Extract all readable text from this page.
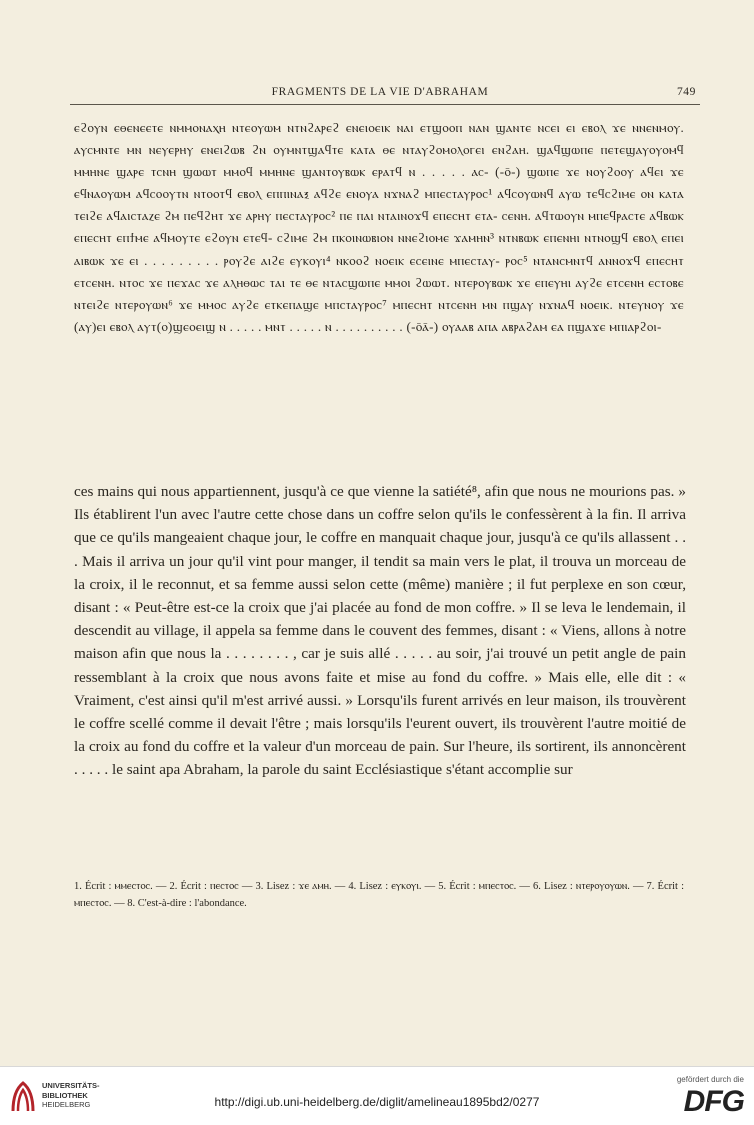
FRAGMENTS DE LA VIE D'ABRAHAM	749

ⲉϩⲟⲩⲛ ⲉⲑⲉⲛⲉⲉⲧⲉ ⲛⲙⲙⲟⲛⲁⲭⲏ ⲛⲧⲉⲟⲩⲱⲙ ⲛⲧⲛϩⲁⲣⲉϩ ⲉⲛⲉⲓⲟⲉⲓⲕ ⲛⲁⲓ ⲉⲧϣⲟⲟⲡ ⲛⲁⲛ ϣⲁⲛⲧⲉ ⲛⲥⲉⲓ ⲉⲓ ⲉⲃⲟⲗ ϫⲉ ⲛⲛⲉⲛⲙⲟⲩ. ⲁⲩⲥⲙⲛⲧⲉ ⲙⲛ ⲛⲉⲩⲉⲣⲏⲩ ⲉⲛⲉⲓϩⲱⲃ ϩⲛ ⲟⲩⲙⲛⲧϣⲁϥⲧⲉ ⲕⲁⲧⲁ ⲑⲉ ⲛⲧⲁⲩϩⲟⲙⲟⲗⲟⲅⲉⲓ ⲉⲛϩⲁⲏ. ϣⲁϥϣⲱⲡⲉ ⲡⲉⲧⲉϣⲁⲩⲟⲩⲟⲙϥ ⲙⲙⲏⲛⲉ ϣⲁⲣⲉ ⲧⲥⲛⲏ ϣⲱⲱⲧ ⲙⲙⲟϥ ⲙⲙⲏⲛⲉ ϣⲁⲛⲧⲟⲩⲃⲱⲕ ⲉⲣⲁⲧϥ ⲛ . . . . . ⲁⲥ- (-ⲟ̄-) ϣⲱⲡⲉ ϫⲉ ⲛⲟⲩϩⲟⲟⲩ ⲁϥⲉⲓ ϫⲉ ⲉϥⲛⲁⲟⲩⲱⲙ ⲁϥⲥⲟⲟⲩⲧⲛ ⲛⲧⲟⲟⲧϥ ⲉⲃⲟⲗ ⲉⲡⲡⲓⲛⲁⲝ ⲁϥϩⲉ ⲉⲛⲟⲩⲁ ⲛϫⲛⲁϩ ⲙⲡⲉⲥⲧⲁⲩⲣⲟⲥ¹ ⲁϥⲥⲟⲩⲱⲛϥ ⲁⲩⲱ ⲧⲉϥⲥϩⲓⲙⲉ ⲟⲛ ⲕⲁⲧⲁ ⲧⲉⲓϩⲉ ⲁϥⲁⲓⲥⲧⲁⲍⲉ ϩⲙ ⲡⲉϥϩⲏⲧ ϫⲉ ⲁⲣⲏⲩ ⲡⲉⲥⲧⲁⲩⲣⲟⲥ² ⲡⲉ ⲡⲁⲓ ⲛⲧⲁⲓⲛⲟϫϥ ⲉⲡⲉⲥⲏⲧ ⲉⲧⲁ- ⲥⲉⲛⲏ. ⲁϥⲧⲱⲟⲩⲛ ⲙⲡⲉϥⲣⲁⲥⲧⲉ ⲁϥⲃⲱⲕ ⲉⲡⲉⲥⲏⲧ ⲉⲡϯⲙⲉ ⲁϥⲙⲟⲩⲧⲉ ⲉϩⲟⲩⲛ ⲉⲧⲉϥ- ⲥϩⲓⲙⲉ ϩⲙ ⲡⲕⲟⲓⲛⲱⲃⲓⲟⲛ ⲛⲛⲉϩⲓⲟⲙⲉ ϫⲁⲙⲏⲛ³ ⲛⲧⲛⲃⲱⲕ ⲉⲡⲉⲛⲏⲓ ⲛⲧⲛⲟϣϥ ⲉⲃⲟⲗ ⲉⲡⲉⲓ ⲁⲓⲃⲱⲕ ϫⲉ ⲉⲓ . . . . . . . . . ⲣⲟⲩϩⲉ ⲁⲓϩⲉ ⲉⲩⲕⲟⲩⲓ⁴ ⲛⲕⲟⲟϩ ⲛⲟⲉⲓⲕ ⲉⲥⲉⲓⲛⲉ ⲙⲡⲉⲥⲧⲁⲩ- ⲣⲟⲥ⁵ ⲛⲧⲁⲛⲥⲙⲛⲧϥ ⲁⲛⲛⲟϫϥ ⲉⲡⲉⲥⲏⲧ ⲉⲧⲥⲉⲛⲏ. ⲛⲧⲟⲥ ϫⲉ ⲡⲉϫⲁⲥ ϫⲉ ⲁⲗⲏⲑⲱⲥ ⲧⲁⲓ ⲧⲉ ⲑⲉ ⲛⲧⲁⲥϣⲱⲡⲉ ⲙⲙⲟⲓ ϩⲱⲱⲧ. ⲛⲧⲉⲣⲟⲩⲃⲱⲕ ϫⲉ ⲉⲡⲉⲩⲏⲓ ⲁⲩϩⲉ ⲉⲧⲥⲉⲛⲏ ⲉⲥⲧⲟⲃⲉ ⲛⲧⲉⲓϩⲉ ⲛⲧⲉⲣⲟⲩⲱⲛ⁶ ϫⲉ ⲙⲙⲟⲥ ⲁⲩϩⲉ ⲉⲧⲕⲉⲡⲁϣⲉ ⲙⲡⲥⲧⲁⲩⲣⲟⲥ⁷ ⲙⲡⲉⲥⲏⲧ ⲛⲧⲥⲉⲛⲏ ⲙⲛ ⲡϣⲁⲩ ⲛϫⲛⲁϥ ⲛⲟⲉⲓⲕ. ⲛⲧⲉⲩⲛⲟⲩ ϫⲉ (ⲁⲩ)ⲉⲓ ⲉⲃⲟⲗ ⲁⲩⲧ(ⲟ)ϣⲉⲟⲉⲓϣ ⲛ . . . . . ⲙⲛⲧ . . . . . ⲛ . . . . . . . . . . (-ⲟ̄ⲁ̄-) ⲟⲩⲁⲁⲃ ⲁⲡⲁ ⲁⲃⲣⲁϩⲁⲙ ⲉⲁ ⲡϣⲁϫⲉ ⲙⲡⲓⲁⲣϩⲟⲓ-

ces mains qui nous appartiennent, jusqu'à ce que vienne la satiété⁸, afin que nous ne mourions pas. » Ils établirent l'un avec l'autre cette chose dans un coffre selon qu'ils le confessèrent à la fin. Il arriva que ce qu'ils mangeaient chaque jour, le coffre en manquait chaque jour, jusqu'à ce qu'ils allassent . . . Mais il arriva un jour qu'il vint pour manger, il tendit sa main vers le plat, il trouva un morceau de la croix, il le reconnut, et sa femme aussi selon cette (même) manière ; il fut perplexe en son cœur, disant : « Peut-être est-ce la croix que j'ai placée au fond de mon coffre. » Il se leva le lendemain, il descendit au village, il appela sa femme dans le couvent des femmes, disant : « Viens, allons à notre maison afin que nous la . . . . . . . . , car je suis allé . . . . . au soir, j'ai trouvé un petit angle de pain ressemblant à la croix que nous avons faite et mise au fond du coffre. » Mais elle, elle dit : « Vraiment, c'est ainsi qu'il m'est arrivé aussi. » Lorsqu'ils furent arrivés en leur maison, ils trouvèrent le coffre scellé comme il devait l'être ; mais lorsqu'ils l'eurent ouvert, ils trouvèrent l'autre moitié de la croix au fond du coffre et la valeur d'un morceau de pain. Sur l'heure, ils sortirent, ils annoncèrent . . . . . le saint apa Abraham, la parole du saint Ecclésiastique s'étant accomplie sur

1. Écrit : ⲙⲙⲉⲥⲧⲟⲥ. — 2. Écrit : ⲡⲉⲥⲧⲟⲥ — 3. Lisez : ϫⲉ ⲁⲙⲏ. — 4. Lisez : ⲉⲩⲕⲟⲩⲓ. — 5. Écrit : ⲙⲡⲉⲥⲧⲟⲥ. — 6. Lisez : ⲛⲧⲉⲣⲟⲩⲟⲩⲱⲛ. — 7. Écrit : ⲙⲡⲉⲥⲧⲟⲥ. — 8. C'est-à-dire : l'abondance.

UNIVERSITÄTS-
BIBLIOTHEK
HEIDELBERG	http://digi.ub.uni-heidelberg.de/diglit/amelineau1895bd2/0277
gefördert durch die
DFG
